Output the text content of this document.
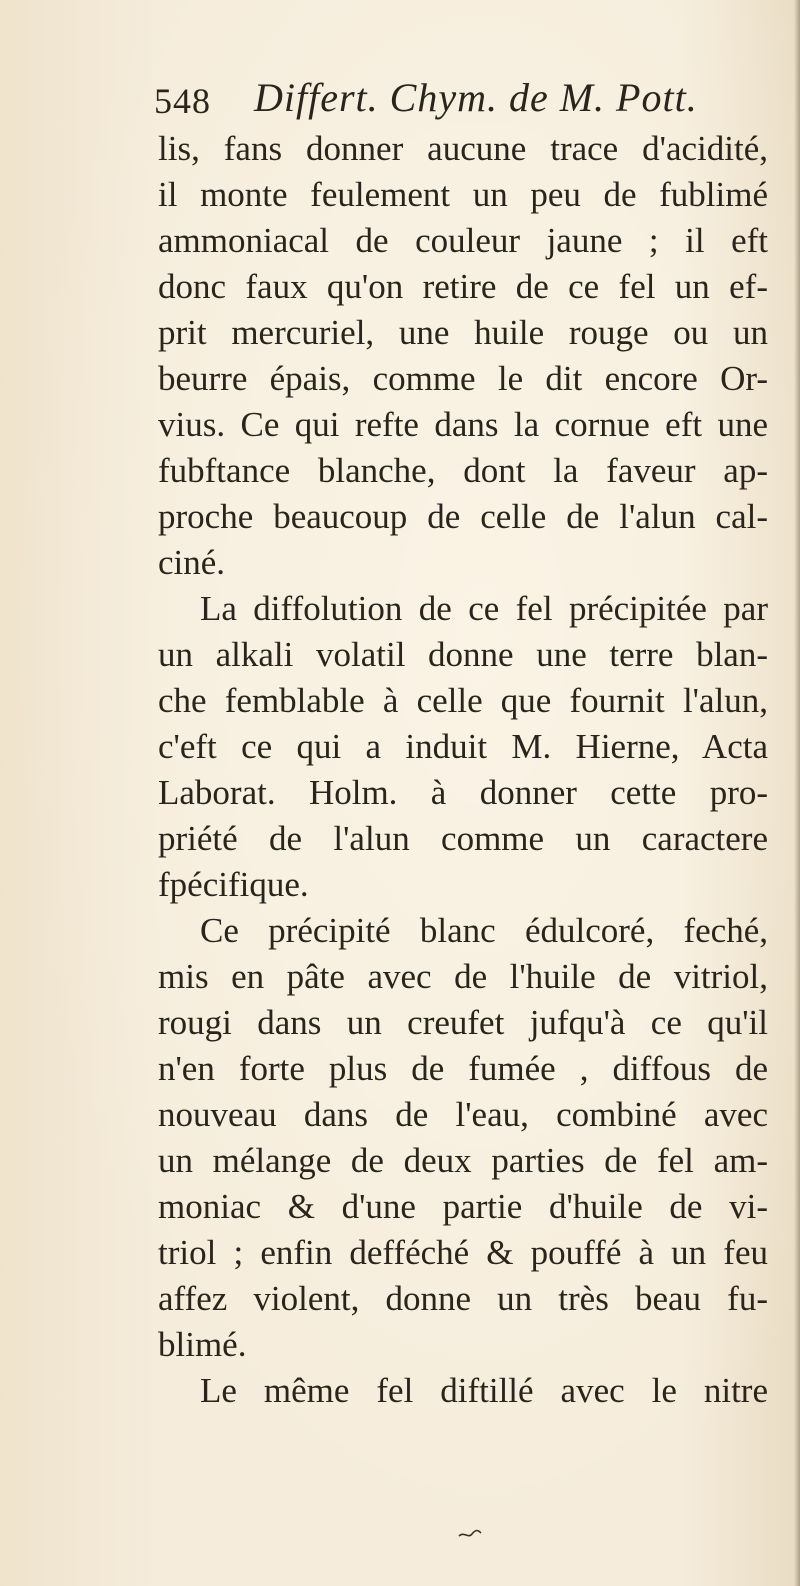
548 Differt. Chym. de M. Pott.
lis, fans donner aucune trace d'acidité,
il monte feulement un peu de fublimé
ammoniacal de couleur jaune ; il eft
donc faux qu'on retire de ce fel un ef-
prit mercuriel, une huile rouge ou un
beurre épais, comme le dit encore Or-
vius. Ce qui refte dans la cornue eft une
fubftance blanche, dont la faveur ap-
proche beaucoup de celle de l'alun cal-
ciné.
La diffolution de ce fel précipitée par
un alkali volatil donne une terre blan-
che femblable à celle que fournit l'alun,
c'eft ce qui a induit M. Hierne, Acta
Laborat. Holm. à donner cette pro-
priété de l'alun comme un caractere
fpécifique.
Ce précipité blanc édulcoré, feché,
mis en pâte avec de l'huile de vitriol,
rougi dans un creufet jufqu'à ce qu'il
n'en forte plus de fumée , diffous de
nouveau dans de l'eau, combiné avec
un mélange de deux parties de fel am-
moniac & d'une partie d'huile de vi-
triol ; enfin defféché & pouffé à un feu
affez violent, donne un très beau fu-
blimé.
Le même fel diftillé avec le nitre
